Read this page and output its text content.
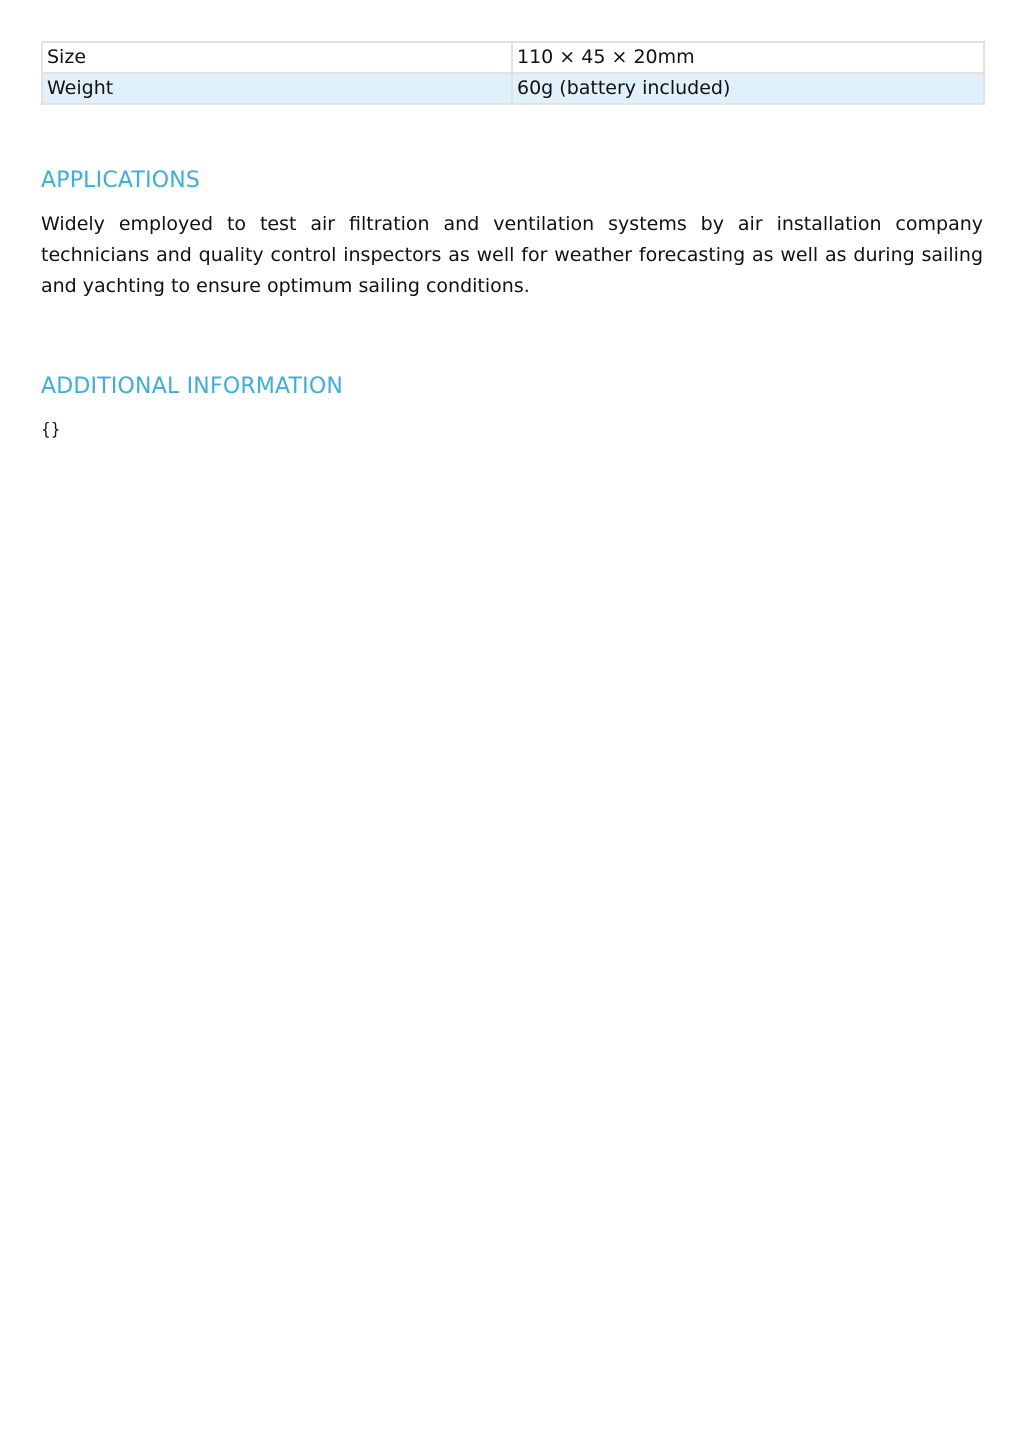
Size	110 × 45 × 20mm
Weight	60g (battery included)
APPLICATIONS

Widely employed to test air filtration and ventilation systems by air installation company technicians and quality control inspectors as well for weather forecasting as well as during sailing and yachting to ensure optimum sailing conditions.

ADDITIONAL INFORMATION

{}
